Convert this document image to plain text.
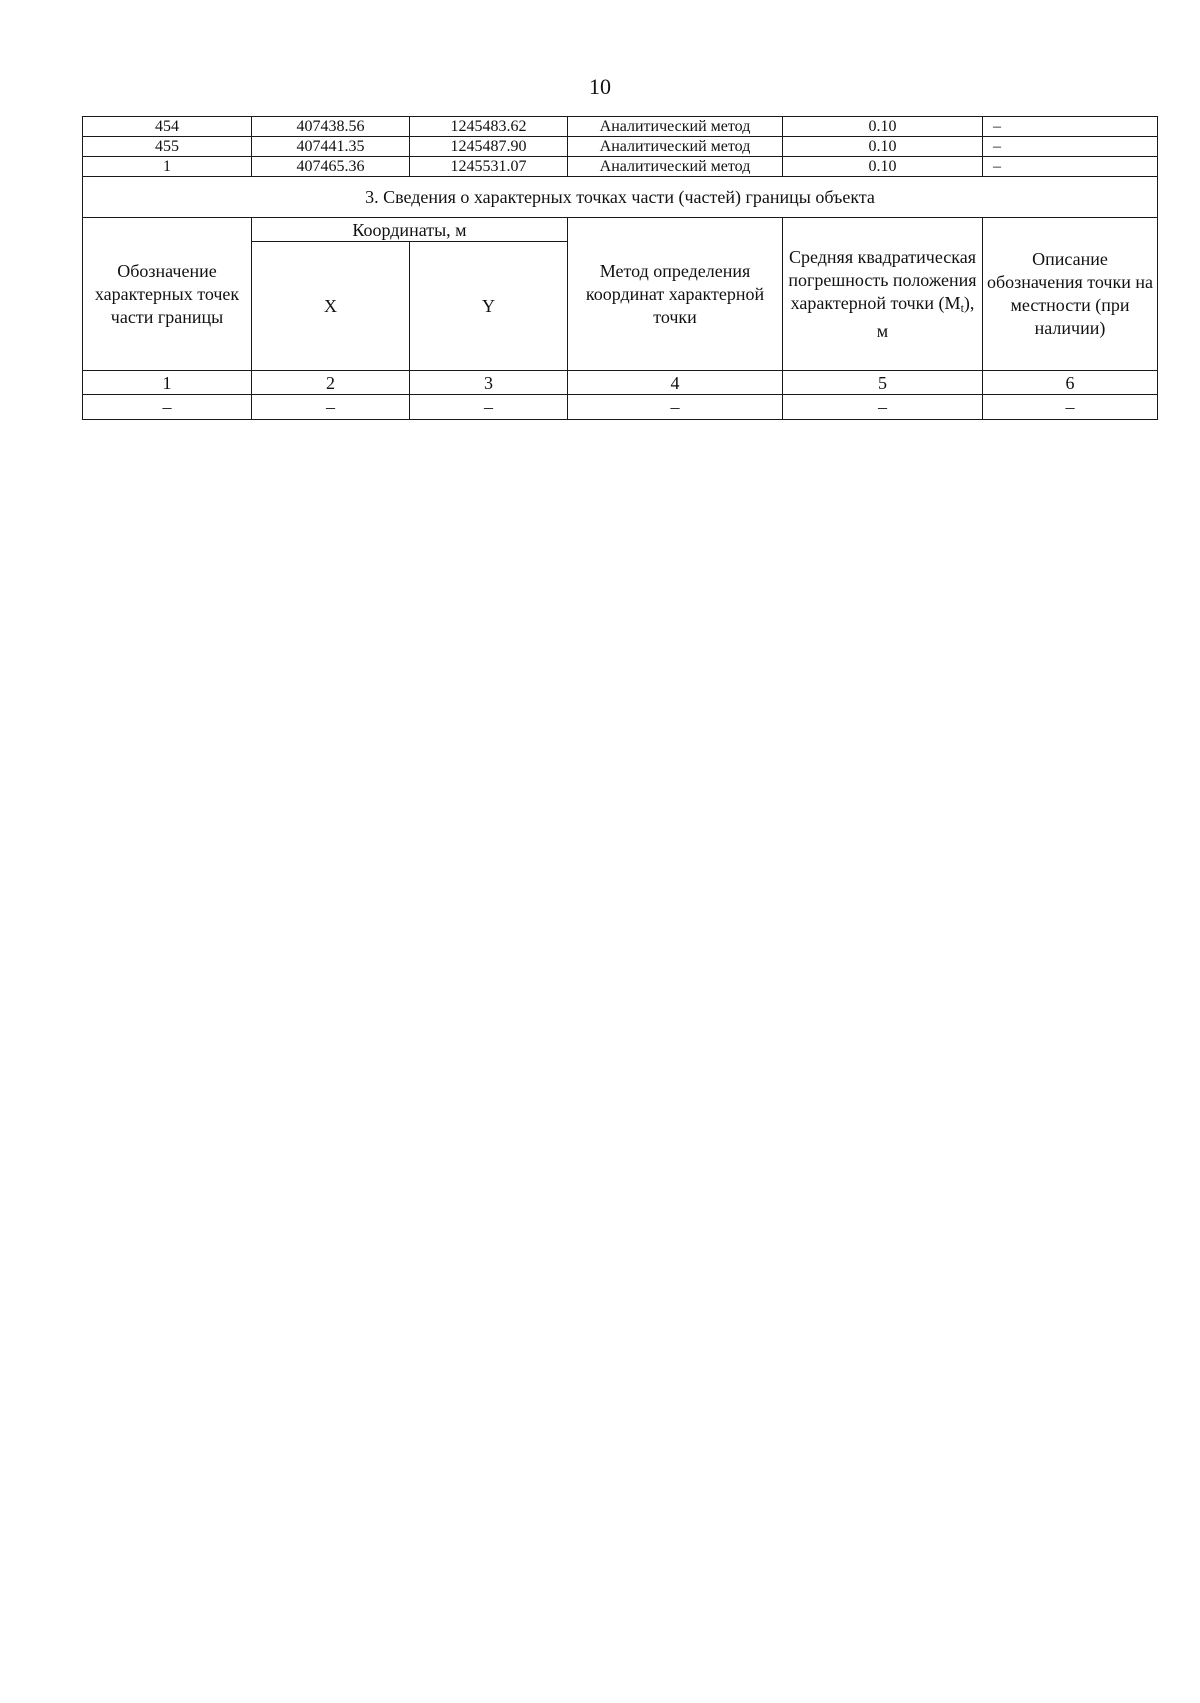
10
454	407438.56	1245483.62	Аналитический метод	0.10	–
455	407441.35	1245487.90	Аналитический метод	0.10	–
1	407465.36	1245531.07	Аналитический метод	0.10	–
3. Сведения о характерных точках части (частей) границы объекта					
Обозначение характерных точек части границы	Координаты, м		Метод определения координат характерной точки	Средняя квадратическая погрешность положения характерной точки $(M_t)$, м	Описание обозначения точки на местности (при наличии)
	X	Y			
1	2	3	4	5	6
–	–	–	–	–	–
